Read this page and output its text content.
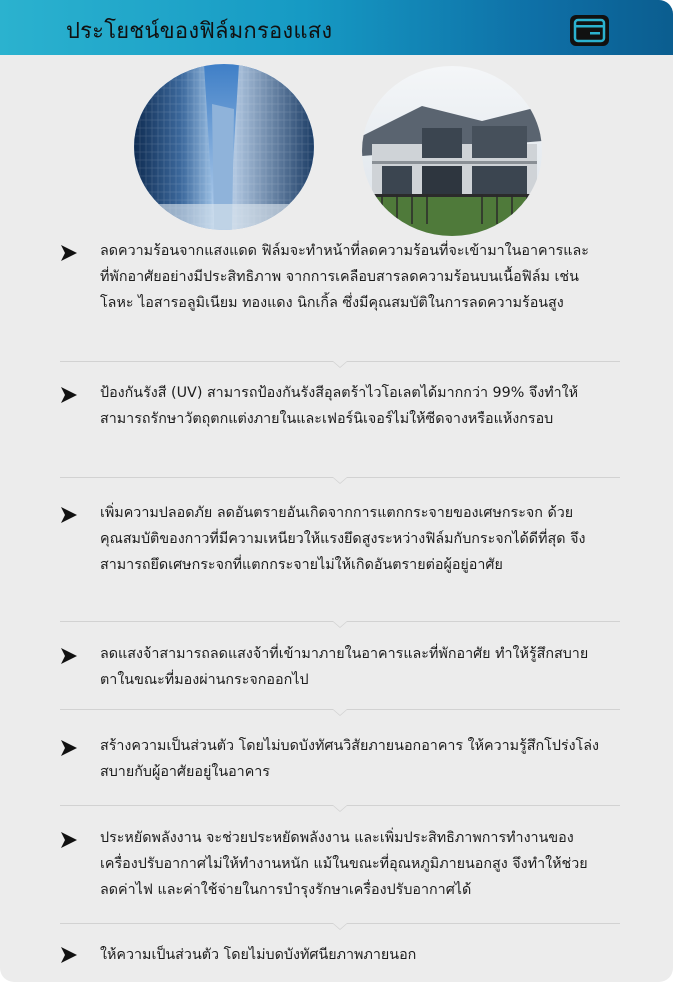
ประโยชน์ของฟิล์มกรองแสง
ลดความร้อนจากแสงแดด ฟิล์มจะทำหน้าที่ลดความร้อนที่จะเข้ามาในอาคารและที่พักอาศัยอย่างมีประสิทธิภาพ จากการเคลือบสารลดความร้อนบนเนื้อฟิล์ม เช่น โลหะ ไอสารอลูมิเนียม ทองแดง นิกเกิ้ล ซึ่งมีคุณสมบัติในการลดความร้อนสูง
ป้องกันรังสี (UV) สามารถป้องกันรังสีอุลตร้าไวโอเลตได้มากกว่า 99% จึงทำให้สามารถรักษาวัตถุตกแต่งภายในและเฟอร์นิเจอร์ไม่ให้ซีดจางหรือแห้งกรอบ
เพิ่มความปลอดภัย ลดอันตรายอันเกิดจากการแตกกระจายของเศษกระจก ด้วยคุณสมบัติของกาวที่มีความเหนียวให้แรงยึดสูงระหว่างฟิล์มกับกระจกได้ดีที่สุด จึงสามารถยึดเศษกระจกที่แตกกระจายไม่ให้เกิดอันตรายต่อผู้อยู่อาศัย
ลดแสงจ้าสามารถลดแสงจ้าที่เข้ามาภายในอาคารและที่พักอาศัย ทำให้รู้สึกสบายตาในขณะที่มองผ่านกระจกออกไป
สร้างความเป็นส่วนตัว โดยไม่บดบังทัศนวิสัยภายนอกอาคาร ให้ความรู้สึกโปร่งโล่งสบายกับผู้อาศัยอยู่ในอาคาร
ประหยัดพลังงาน จะช่วยประหยัดพลังงาน และเพิ่มประสิทธิภาพการทำงานของเครื่องปรับอากาศไม่ให้ทำงานหนัก แม้ในขณะที่อุณหภูมิภายนอกสูง จึงทำให้ช่วยลดค่าไฟ และค่าใช้จ่ายในการบำรุงรักษาเครื่องปรับอากาศได้
ให้ความเป็นส่วนตัว โดยไม่บดบังทัศนียภาพภายนอก
